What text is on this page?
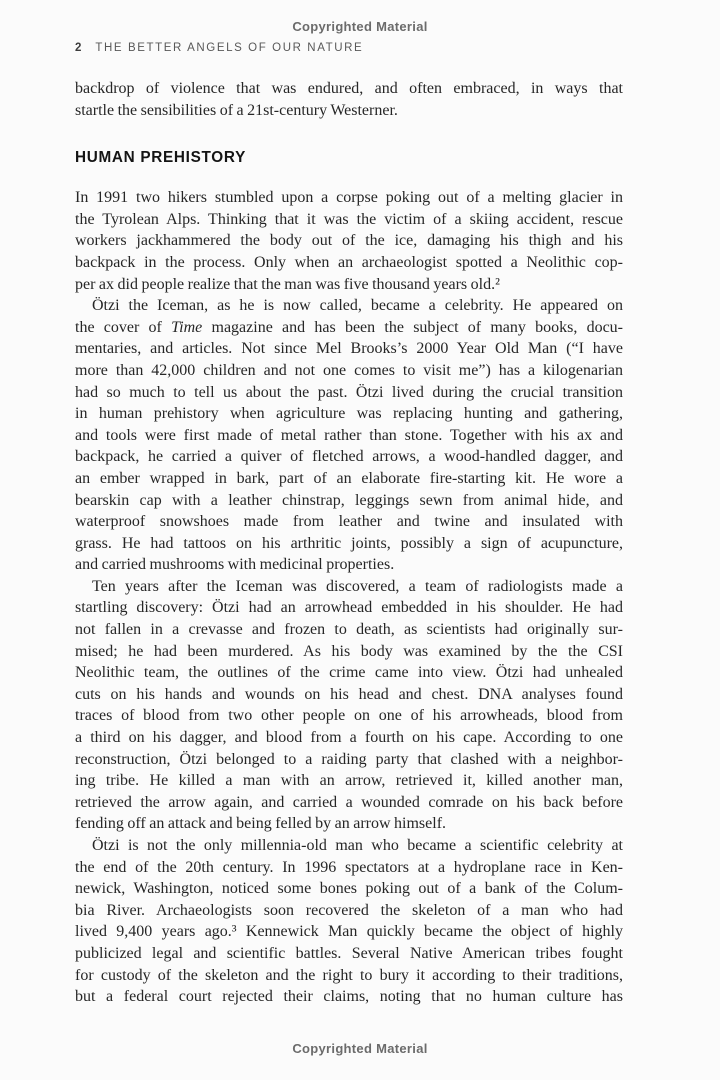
Copyrighted Material
2 THE BETTER ANGELS OF OUR NATURE
backdrop of violence that was endured, and often embraced, in ways that
startle the sensibilities of a 21st-century Westerner.
HUMAN PREHISTORY
In 1991 two hikers stumbled upon a corpse poking out of a melting glacier in
the Tyrolean Alps. Thinking that it was the victim of a skiing accident, rescue
workers jackhammered the body out of the ice, damaging his thigh and his
backpack in the process. Only when an archaeologist spotted a Neolithic cop-
per ax did people realize that the man was five thousand years old.²
Ötzi the Iceman, as he is now called, became a celebrity. He appeared on
the cover of Time magazine and has been the subject of many books, docu-
mentaries, and articles. Not since Mel Brooks’s 2000 Year Old Man (“I have
more than 42,000 children and not one comes to visit me”) has a kilogenarian
had so much to tell us about the past. Ötzi lived during the crucial transition
in human prehistory when agriculture was replacing hunting and gathering,
and tools were first made of metal rather than stone. Together with his ax and
backpack, he carried a quiver of fletched arrows, a wood-handled dagger, and
an ember wrapped in bark, part of an elaborate fire-starting kit. He wore a
bearskin cap with a leather chinstrap, leggings sewn from animal hide, and
waterproof snowshoes made from leather and twine and insulated with
grass. He had tattoos on his arthritic joints, possibly a sign of acupuncture,
and carried mushrooms with medicinal properties.
Ten years after the Iceman was discovered, a team of radiologists made a
startling discovery: Ötzi had an arrowhead embedded in his shoulder. He had
not fallen in a crevasse and frozen to death, as scientists had originally sur-
mised; he had been murdered. As his body was examined by the the CSI
Neolithic team, the outlines of the crime came into view. Ötzi had unhealed
cuts on his hands and wounds on his head and chest. DNA analyses found
traces of blood from two other people on one of his arrowheads, blood from
a third on his dagger, and blood from a fourth on his cape. According to one
reconstruction, Ötzi belonged to a raiding party that clashed with a neighbor-
ing tribe. He killed a man with an arrow, retrieved it, killed another man,
retrieved the arrow again, and carried a wounded comrade on his back before
fending off an attack and being felled by an arrow himself.
Ötzi is not the only millennia-old man who became a scientific celebrity at
the end of the 20th century. In 1996 spectators at a hydroplane race in Ken-
newick, Washington, noticed some bones poking out of a bank of the Colum-
bia River. Archaeologists soon recovered the skeleton of a man who had
lived 9,400 years ago.³ Kennewick Man quickly became the object of highly
publicized legal and scientific battles. Several Native American tribes fought
for custody of the skeleton and the right to bury it according to their traditions,
but a federal court rejected their claims, noting that no human culture has
Copyrighted Material
